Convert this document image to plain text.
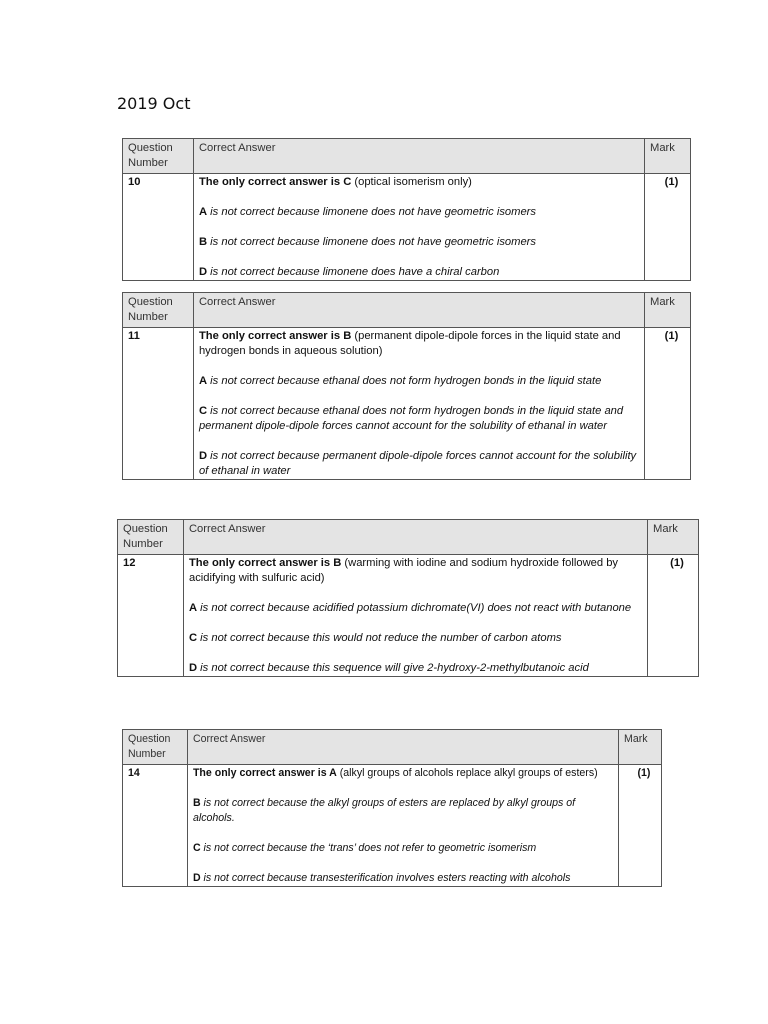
2019 Oct
Question Number	Correct Answer	Mark
10	The only correct answer is C (optical isomerism only)

A is not correct because limonene does not have geometric isomers

B is not correct because limonene does not have geometric isomers

D is not correct because limonene does have a chiral carbon	(1)
Question Number	Correct Answer	Mark
11	The only correct answer is B (permanent dipole-dipole forces in the liquid state and hydrogen bonds in aqueous solution)

A is not correct because ethanal does not form hydrogen bonds in the liquid state

C is not correct because ethanal does not form hydrogen bonds in the liquid state and permanent dipole-dipole forces cannot account for the solubility of ethanal in water

D is not correct because permanent dipole-dipole forces cannot account for the solubility of ethanal in water	(1)
Question Number	Correct Answer	Mark
12	The only correct answer is B (warming with iodine and sodium hydroxide followed by acidifying with sulfuric acid)

A is not correct because acidified potassium dichromate(VI) does not react with butanone

C is not correct because this would not reduce the number of carbon atoms

D is not correct because this sequence will give 2-hydroxy-2-methylbutanoic acid	(1)
Question Number	Correct Answer	Mark
14	The only correct answer is A (alkyl groups of alcohols replace alkyl groups of esters)

B is not correct because the alkyl groups of esters are replaced by alkyl groups of alcohols.

C is not correct because the ‘trans’ does not refer to geometric isomerism

D is not correct because transesterification involves esters reacting with alcohols	(1)
